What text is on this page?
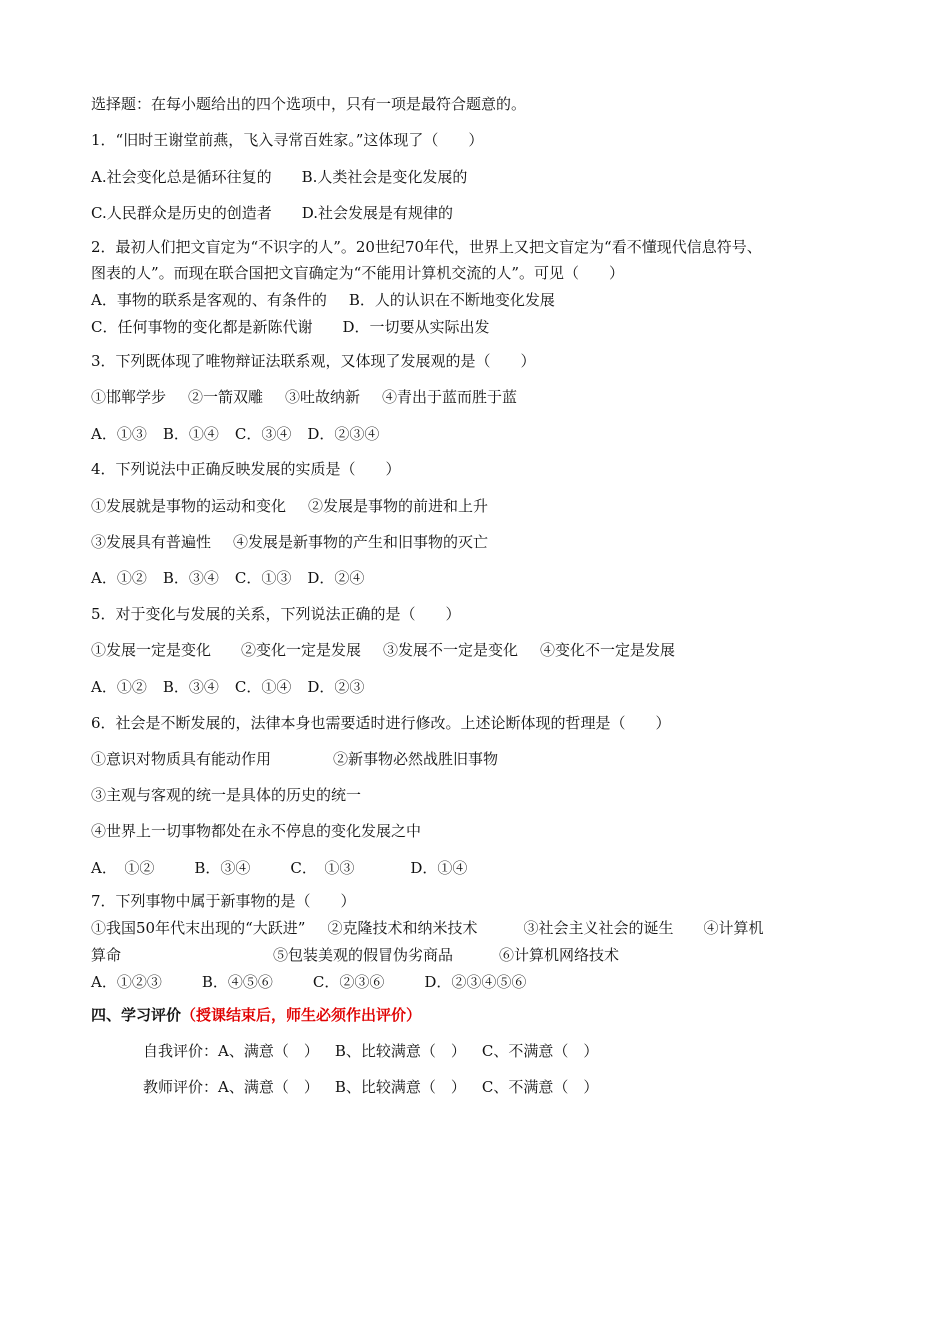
选择题：在每小题给出的四个选项中，只有一项是最符合题意的。
1．“旧时王谢堂前燕，飞入寻常百姓家。”这体现了（　　）
A.社会变化总是循环往复的 B.人类社会是变化发展的
C.人民群众是历史的创造者 D.社会发展是有规律的
2．最初人们把文盲定为“不识字的人”。20世纪70年代，世界上又把文盲定为“看不懂现代信息符号、
图表的人”。而现在联合国把文盲确定为“不能用计算机交流的人”。可见（　　）
A．事物的联系是客观的、有条件的 B．人的认识在不断地变化发展
C．任何事物的变化都是新陈代谢 D．一切要从实际出发
3．下列既体现了唯物辩证法联系观，又体现了发展观的是（　　）
①邯郸学步 ②一箭双雕 ③吐故纳新 ④青出于蓝而胜于蓝
A．①③ B．①④ C．③④ D．②③④
4．下列说法中正确反映发展的实质是（　　）
①发展就是事物的运动和变化 ②发展是事物的前进和上升
③发展具有普遍性 ④发展是新事物的产生和旧事物的灭亡
A．①② B．③④ C．①③ D．②④
5．对于变化与发展的关系，下列说法正确的是（　　）
①发展一定是变化 ②变化一定是发展 ③发展不一定是变化 ④变化不一定是发展
A．①② B．③④ C．①④ D．②③
6．社会是不断发展的，法律本身也需要适时进行修改。上述论断体现的哲理是（　　）
①意识对物质具有能动作用	②新事物必然战胜旧事物
③主观与客观的统一是具体的历史的统一
④世界上一切事物都处在永不停息的变化发展之中
A．　①②	B．③④	C．　①③	D．①④
7．下列事物中属于新事物的是（　　）
①我国50年代末出现的“大跃进” ②克隆技术和纳米技术	③社会主义社会的诞生 ④计算机
算命	⑤包装美观的假冒伪劣商品	⑥计算机网络技术
A．①②③	B．④⑤⑥	C．②③⑥	D．②③④⑤⑥
四、学习评价（授课结束后，师生必须作出评价）
自我评价：A、满意（　） B、比较满意（　） C、不满意（　）
教师评价：A、满意（　） B、比较满意（　） C、不满意（　）
